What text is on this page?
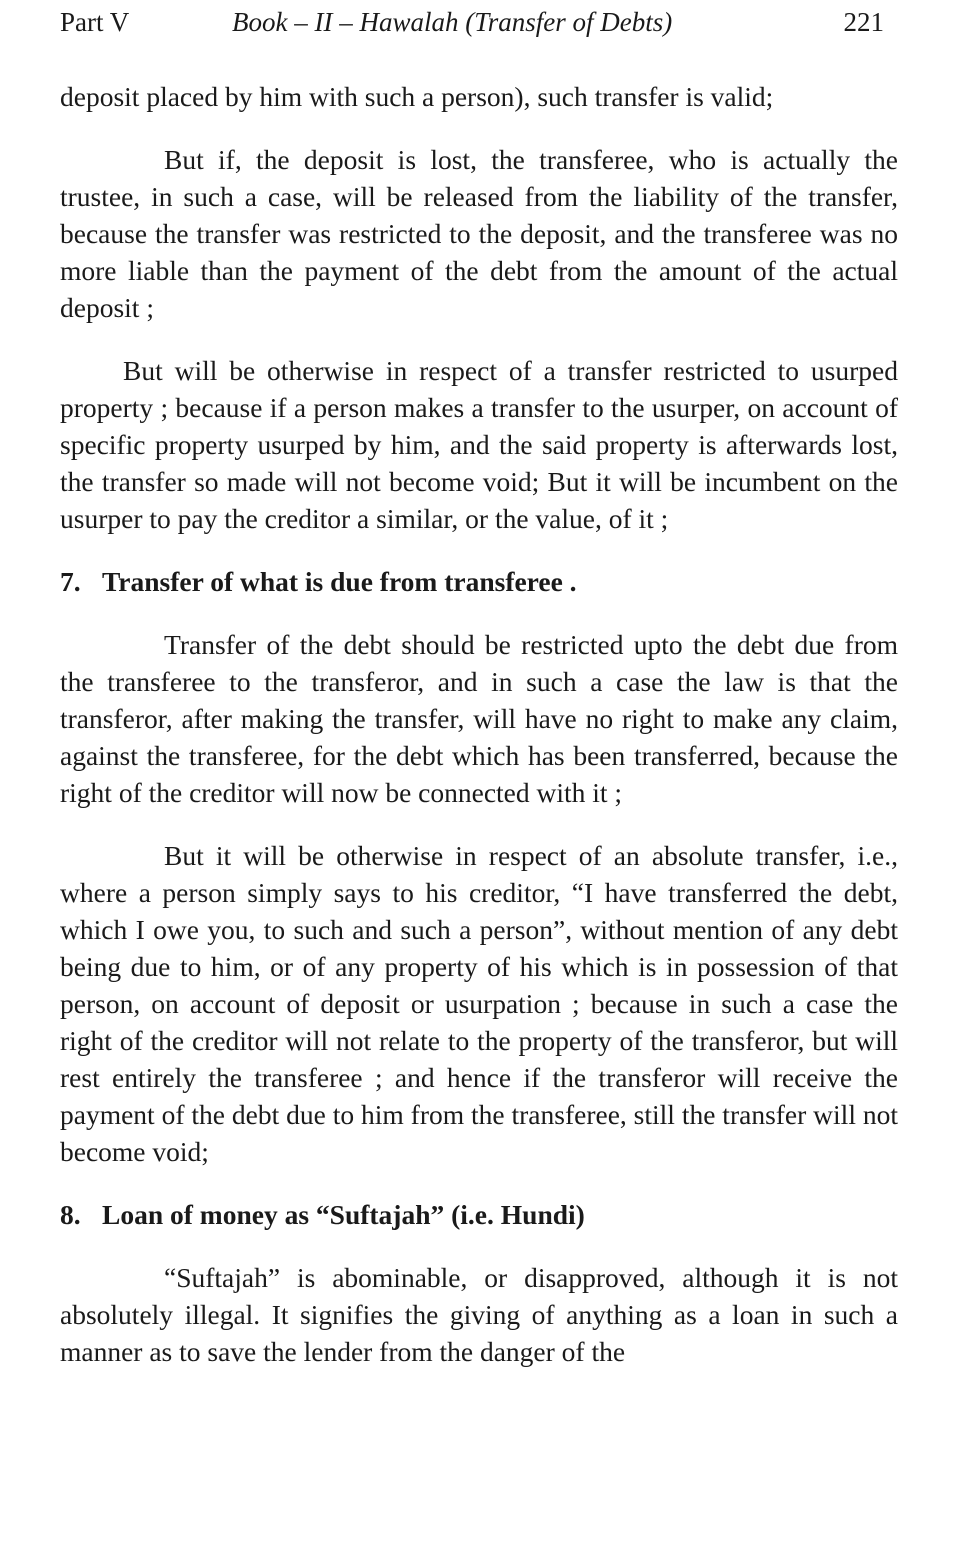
Part V	Book – II – Hawalah (Transfer of Debts)	221

deposit placed by him with such a person), such transfer is valid;

But if, the deposit is lost, the transferee, who is actually the trustee, in such a case, will be released from the liability of the transfer, because the transfer was restricted to the deposit, and the transferee was no more liable than the payment of the debt from the amount of the actual deposit ;

But will be otherwise in respect of a transfer restricted to usurped property ; because if a person makes a transfer to the usurper, on account of specific property usurped by him, and the said property is afterwards lost, the transfer so made will not become void; But it will be incumbent on the usurper to pay the creditor a similar, or the value, of it ;

7. Transfer of what is due from transferee .

Transfer of the debt should be restricted upto the debt due from the transferee to the transferor, and in such a case the law is that the transferor, after making the transfer, will have no right to make any claim, against the transferee, for the debt which has been transferred, because the right of the creditor will now be connected with it ;

But it will be otherwise in respect of an absolute transfer, i.e., where a person simply says to his creditor, “I have transferred the debt, which I owe you, to such and such a person”, without mention of any debt being due to him, or of any property of his which is in possession of that person, on account of deposit or usurpation ; because in such a case the right of the creditor will not relate to the property of the transferor, but will rest entirely the transferee ; and hence if the transferor will receive the payment of the debt due to him from the transferee, still the transfer will not become void;

8. Loan of money as “Suftajah” (i.e. Hundi)

“Suftajah” is abominable, or disapproved, although it is not absolutely illegal. It signifies the giving of anything as a loan in such a manner as to save the lender from the danger of the
